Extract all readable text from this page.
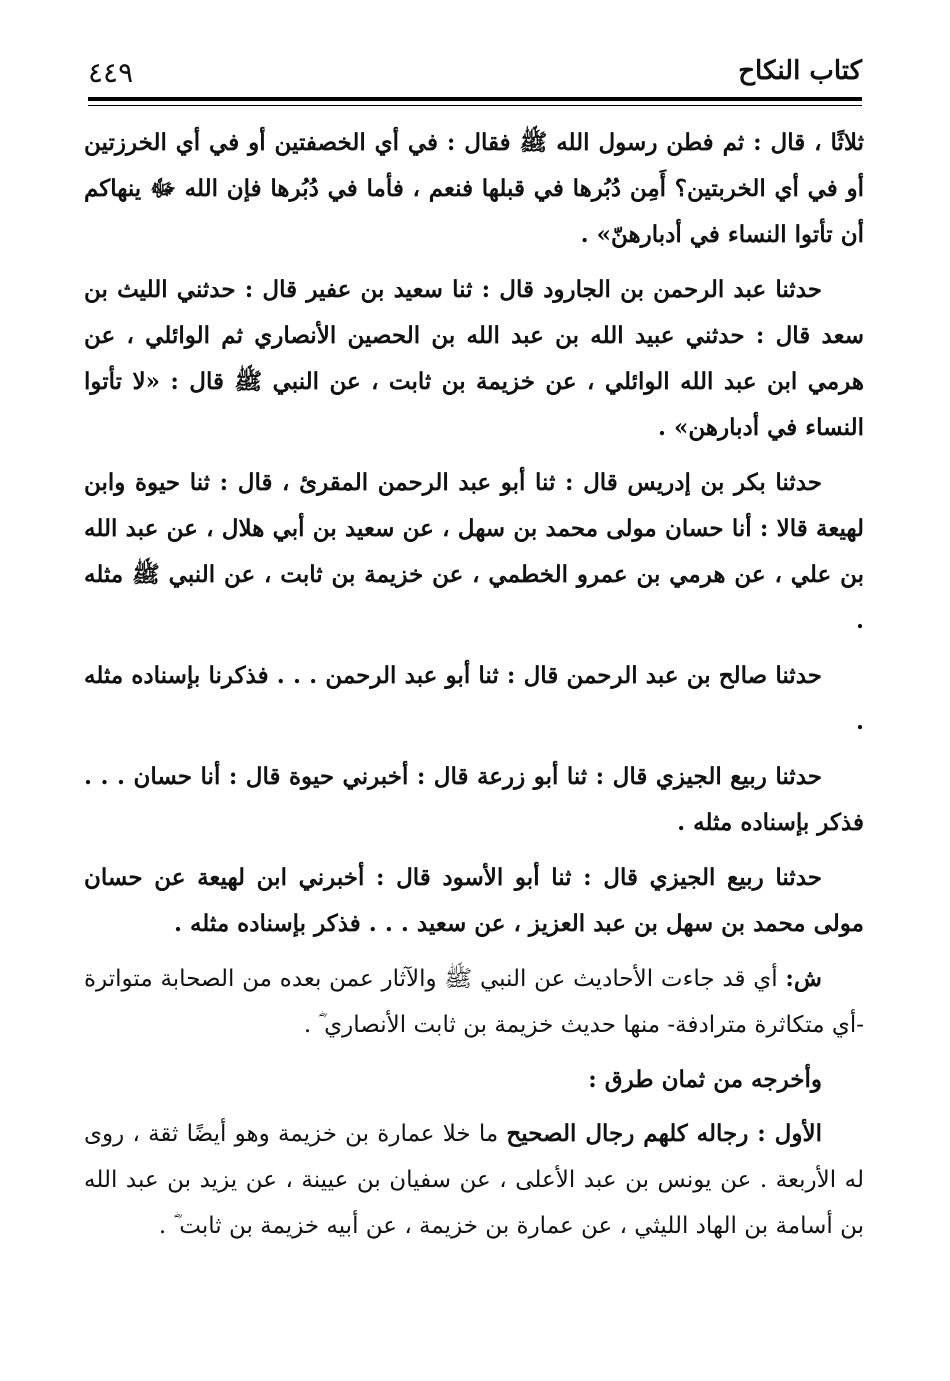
كتاب النكاح
٤٤٩

ثلاثًا ، قال : ثم فطن رسول الله ﷺ فقال : في أي الخصفتين أو في أي الخرزتين أو في أي الخربتين؟ أَمِن دُبُرها في قبلها فنعم ، فأما في دُبُرها فإن الله ﷻ ينهاكم أن تأتوا النساء في أدبارهنّ» .

حدثنا عبد الرحمن بن الجارود قال : ثنا سعيد بن عفير قال : حدثني الليث بن سعد قال : حدثني عبيد الله بن عبد الله بن الحصين الأنصاري ثم الوائلي ، عن هرمي ابن عبد الله الوائلي ، عن خزيمة بن ثابت ، عن النبي ﷺ قال : «لا تأتوا النساء في أدبارهن» .

حدثنا بكر بن إدريس قال : ثنا أبو عبد الرحمن المقرئ ، قال : ثنا حيوة وابن لهيعة قالا : أنا حسان مولى محمد بن سهل ، عن سعيد بن أبي هلال ، عن عبد الله بن علي ، عن هرمي بن عمرو الخطمي ، عن خزيمة بن ثابت ، عن النبي ﷺ مثله .

حدثنا صالح بن عبد الرحمن قال : ثنا أبو عبد الرحمن . . . فذكرنا بإسناده مثله .

حدثنا ربيع الجيزي قال : ثنا أبو زرعة قال : أخبرني حيوة قال : أنا حسان . . . فذكر بإسناده مثله .

حدثنا ربيع الجيزي قال : ثنا أبو الأسود قال : أخبرني ابن لهيعة عن حسان مولى محمد بن سهل بن عبد العزيز ، عن سعيد . . . فذكر بإسناده مثله .

ش: أي قد جاءت الأحاديث عن النبي ﷺ والآثار عمن بعده من الصحابة متواترة -أي متكاثرة مترادفة- منها حديث خزيمة بن ثابت الأنصاري ؓ .

وأخرجه من ثمان طرق :

الأول : رجاله كلهم رجال الصحيح ما خلا عمارة بن خزيمة وهو أيضًا ثقة ، روى له الأربعة . عن يونس بن عبد الأعلى ، عن سفيان بن عيينة ، عن يزيد بن عبد الله بن أسامة بن الهاد الليثي ، عن عمارة بن خزيمة ، عن أبيه خزيمة بن ثابت ؓ .
